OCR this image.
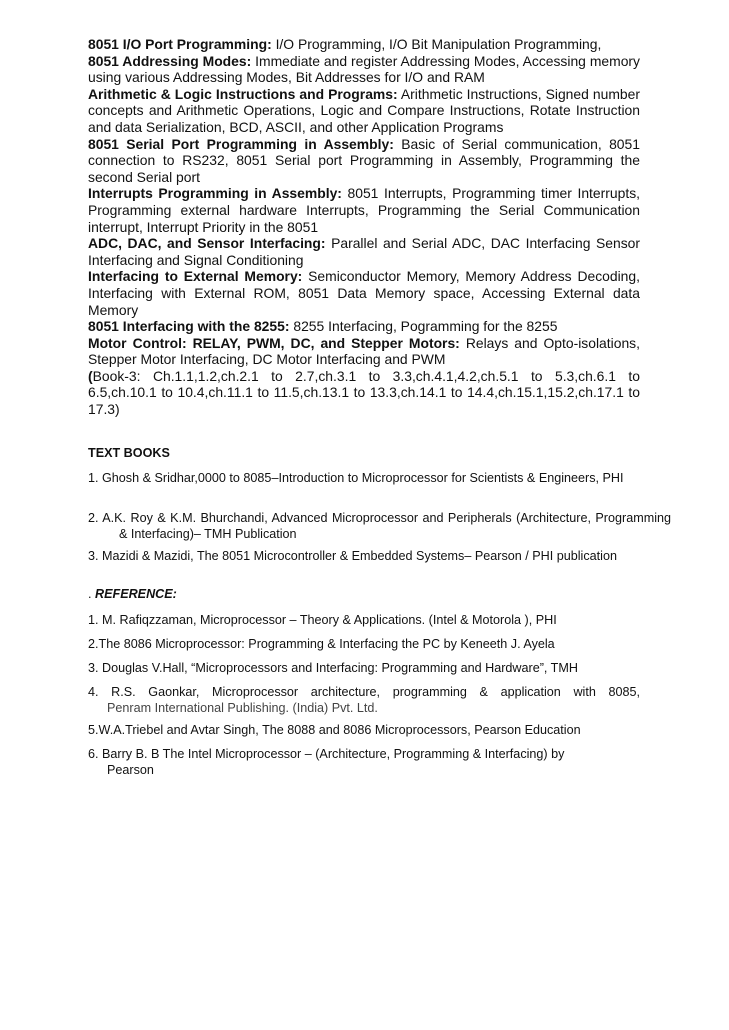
8051 I/O Port Programming: I/O Programming, I/O Bit Manipulation Programming,

8051 Addressing Modes: Immediate and register Addressing Modes, Accessing memory using various Addressing Modes, Bit Addresses for I/O and RAM

Arithmetic & Logic Instructions and Programs: Arithmetic Instructions, Signed number concepts and Arithmetic Operations, Logic and Compare Instructions, Rotate Instruction and data Serialization, BCD, ASCII, and other Application Programs

8051 Serial Port Programming in Assembly: Basic of Serial communication, 8051 connection to RS232, 8051 Serial port Programming in Assembly, Programming the second Serial port

Interrupts Programming in Assembly: 8051 Interrupts, Programming timer Interrupts, Programming external hardware Interrupts, Programming the Serial Communication interrupt, Interrupt Priority in the 8051

ADC, DAC, and Sensor Interfacing: Parallel and Serial ADC, DAC Interfacing Sensor Interfacing and Signal Conditioning

Interfacing to External Memory: Semiconductor Memory, Memory Address Decoding, Interfacing with External ROM, 8051 Data Memory space, Accessing External data Memory

8051 Interfacing with the 8255: 8255 Interfacing, Pogramming for the 8255

Motor Control: RELAY, PWM, DC, and Stepper Motors: Relays and Opto-isolations, Stepper Motor Interfacing, DC Motor Interfacing and PWM

(Book-3: Ch.1.1,1.2,ch.2.1 to 2.7,ch.3.1 to 3.3,ch.4.1,4.2,ch.5.1 to 5.3,ch.6.1 to 6.5,ch.10.1 to 10.4,ch.11.1 to 11.5,ch.13.1 to 13.3,ch.14.1 to 14.4,ch.15.1,15.2,ch.17.1 to 17.3)

TEXT BOOKS
1. Ghosh & Sridhar,0000 to 8085–Introduction to Microprocessor for Scientists & Engineers, PHI
2. A.K. Roy & K.M. Bhurchandi, Advanced Microprocessor and Peripherals (Architecture, Programming & Interfacing)– TMH Publication
3. Mazidi & Mazidi, The 8051 Microcontroller & Embedded Systems– Pearson / PHI publication
. REFERENCE:
1. M. Rafiqzzaman, Microprocessor – Theory & Applications. (Intel & Motorola ), PHI
2.The 8086 Microprocessor: Programming & Interfacing the PC by Keneeth J. Ayela
3. Douglas V.Hall, “Microprocessors and Interfacing: Programming and Hardware”, TMH
4. R.S. Gaonkar, Microprocessor architecture, programming & application with 8085,
Penram International Publishing. (India) Pvt. Ltd.
5.W.A.Triebel and Avtar Singh, The 8088 and 8086 Microprocessors, Pearson Education
6. Barry B. B The Intel Microprocessor – (Architecture, Programming & Interfacing) by
Pearson
